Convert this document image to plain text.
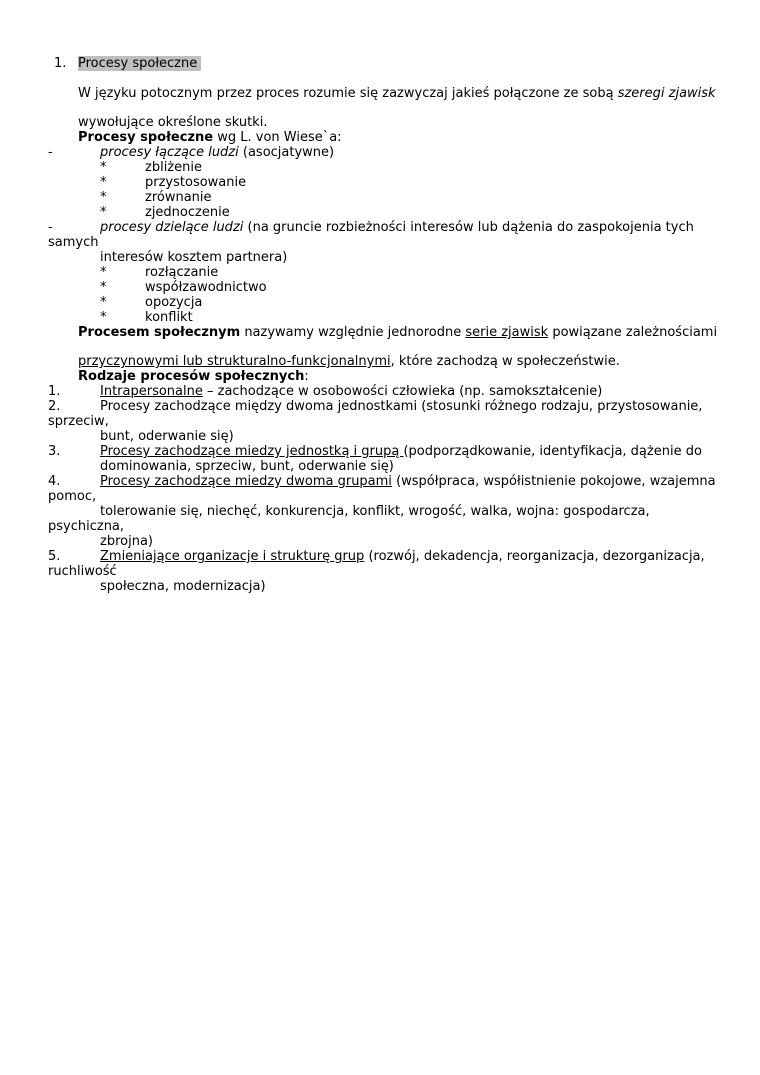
1. Procesy społeczne
W języku potocznym przez proces rozumie się zazwyczaj jakieś połączone ze sobą szeregi zjawisk
wywołujące określone skutki.
Procesy społeczne wg L. von Wiese`a:
-	procesy łączące ludzi (asocjatywne)
*	zbliżenie
*	przystosowanie
*	zrównanie
*	zjednoczenie
-	procesy dzielące ludzi (na gruncie rozbieżności interesów lub dążenia do zaspokojenia tych
samych
interesów kosztem partnera)
*	rozłączanie
*	współzawodnictwo
*	opozycja
*	konflikt
Procesem społecznym nazywamy względnie jednorodne serie zjawisk powiązane zależnościami
przyczynowymi lub strukturalno-funkcjonalnymi, które zachodzą w społeczeństwie.
Rodzaje procesów społecznych:
1.	Intrapersonalne – zachodzące w osobowości człowieka (np. samokształcenie)
2.	Procesy zachodzące między dwoma jednostkami (stosunki różnego rodzaju, przystosowanie,
sprzeciw,
bunt, oderwanie się)
3.	Procesy zachodzące miedzy jednostką i grupą (podporządkowanie, identyfikacja, dążenie do
dominowania, sprzeciw, bunt, oderwanie się)
4.	Procesy zachodzące miedzy dwoma grupami (współpraca, współistnienie pokojowe, wzajemna
pomoc,
tolerowanie się, niechęć, konkurencja, konflikt, wrogość, walka, wojna: gospodarcza,
psychiczna,
zbrojna)
5.	Zmieniające organizacje i strukturę grup (rozwój, dekadencja, reorganizacja, dezorganizacja,
ruchliwość
społeczna, modernizacja)
